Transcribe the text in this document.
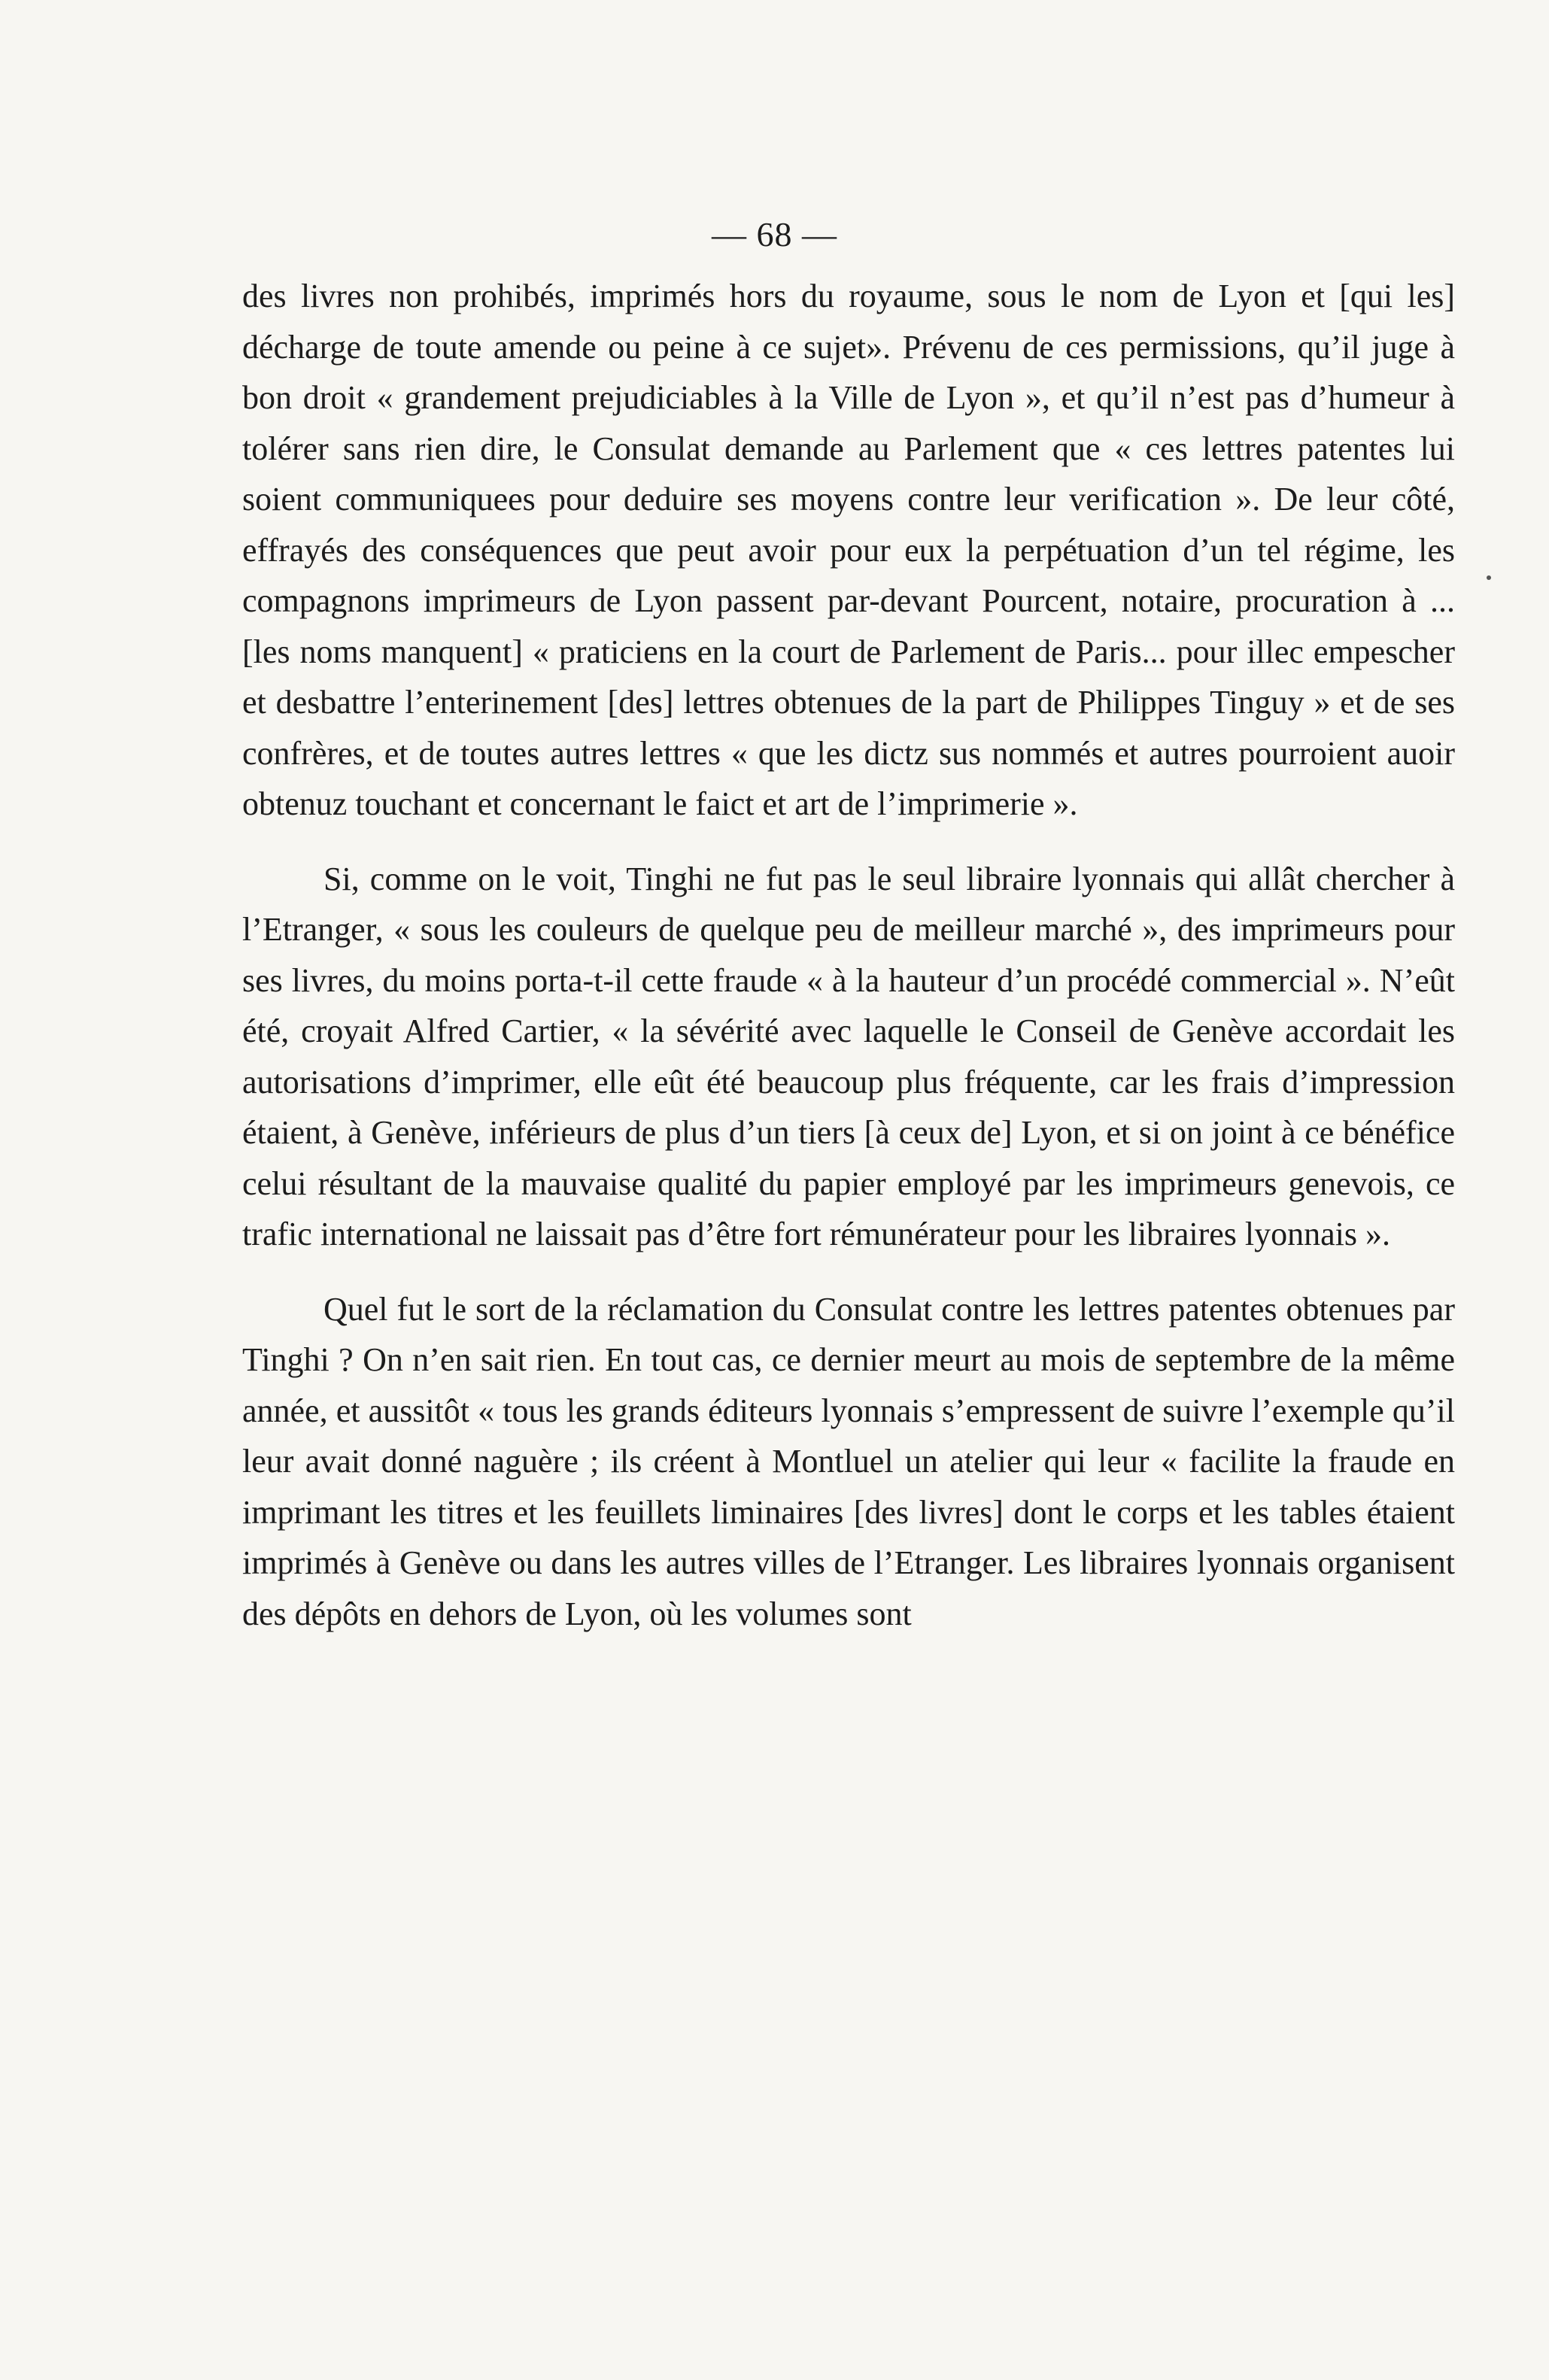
— 68 —

des livres non prohibés, imprimés hors du royaume, sous le nom de Lyon et [qui les] décharge de toute amende ou peine à ce sujet». Prévenu de ces permissions, qu’il juge à bon droit « grandement prejudiciables à la Ville de Lyon », et qu’il n’est pas d’humeur à tolérer sans rien dire, le Consulat demande au Parlement que « ces lettres patentes lui soient communiquees pour deduire ses moyens contre leur verification ». De leur côté, effrayés des conséquences que peut avoir pour eux la perpétuation d’un tel régime, les compagnons imprimeurs de Lyon passent par-devant Pourcent, notaire, procuration à ... [les noms manquent] « praticiens en la court de Parlement de Paris... pour illec empescher et desbattre l’enterinement [des] lettres obtenues de la part de Philippes Tinguy » et de ses confrères, et de toutes autres lettres « que les dictz sus nommés et autres pourroient auoir obtenuz touchant et concernant le faict et art de l’imprimerie ».

Si, comme on le voit, Tinghi ne fut pas le seul libraire lyonnais qui allât chercher à l’Etranger, « sous les couleurs de quelque peu de meilleur marché », des imprimeurs pour ses livres, du moins porta-t-il cette fraude « à la hauteur d’un procédé commercial ». N’eût été, croyait Alfred Cartier, « la sévérité avec laquelle le Conseil de Genève accordait les autorisations d’imprimer, elle eût été beaucoup plus fréquente, car les frais d’impression étaient, à Genève, inférieurs de plus d’un tiers [à ceux de] Lyon, et si on joint à ce bénéfice celui résultant de la mauvaise qualité du papier employé par les imprimeurs genevois, ce trafic international ne laissait pas d’être fort rémunérateur pour les libraires lyonnais ».

Quel fut le sort de la réclamation du Consulat contre les lettres patentes obtenues par Tinghi ? On n’en sait rien. En tout cas, ce dernier meurt au mois de septembre de la même année, et aussitôt « tous les grands éditeurs lyonnais s’empressent de suivre l’exemple qu’il leur avait donné naguère ; ils créent à Montluel un atelier qui leur « facilite la fraude en imprimant les titres et les feuillets liminaires [des livres] dont le corps et les tables étaient imprimés à Genève ou dans les autres villes de l’Etranger. Les libraires lyonnais organisent des dépôts en dehors de Lyon, où les volumes sont
